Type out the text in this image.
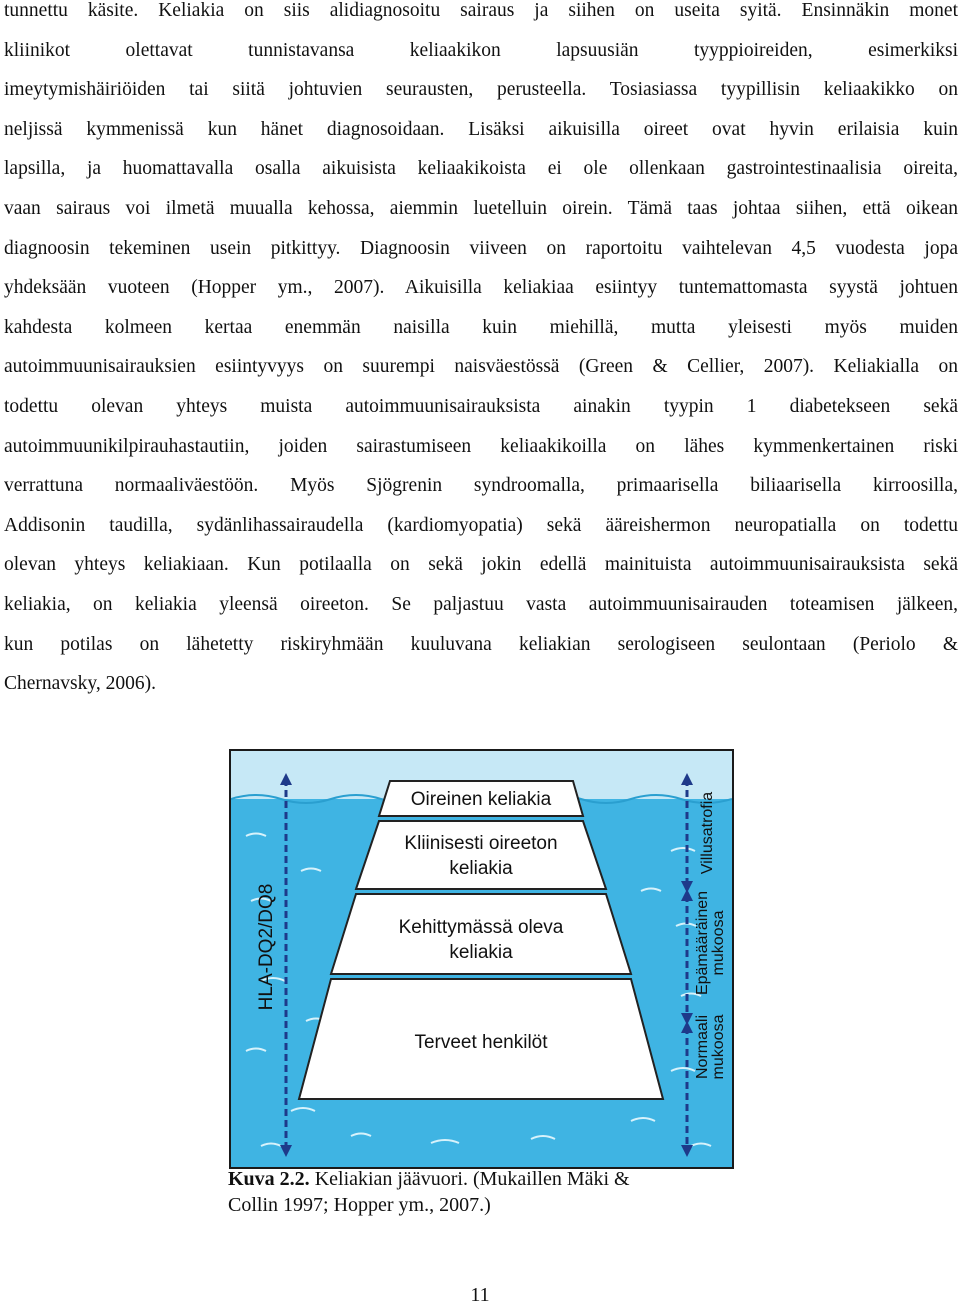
tunnettu käsite. Keliakia on siis alidiagnosoitu sairaus ja siihen on useita syitä. Ensinnäkin monet
kliinikot olettavat tunnistavansa keliaakikon lapsuusiän tyyppioireiden, esimerkiksi
imeytymishäiriöiden tai siitä johtuvien seurausten, perusteella. Tosiasiassa tyypillisin keliaakikko on
neljissä kymmenissä kun hänet diagnosoidaan. Lisäksi aikuisilla oireet ovat hyvin erilaisia kuin
lapsilla, ja huomattavalla osalla aikuisista keliaakikoista ei ole ollenkaan gastrointestinaalisia oireita,
vaan sairaus voi ilmetä muualla kehossa, aiemmin luetelluin oirein. Tämä taas johtaa siihen, että oikean
diagnoosin tekeminen usein pitkittyy. Diagnoosin viiveen on raportoitu vaihtelevan 4,5 vuodesta jopa
yhdeksään vuoteen (Hopper ym., 2007). Aikuisilla keliakiaa esiintyy tuntemattomasta syystä johtuen
kahdesta kolmeen kertaa enemmän naisilla kuin miehillä, mutta yleisesti myös muiden
autoimmuunisairauksien esiintyvyys on suurempi naisväestössä (Green & Cellier, 2007). Keliakialla on
todettu olevan yhteys muista autoimmuunisairauksista ainakin tyypin 1 diabetekseen sekä
autoimmuunikilpirauhastautiin, joiden sairastumiseen keliaakikoilla on lähes kymmenkertainen riski
verrattuna normaaliväestöön. Myös Sjögrenin syndroomalla, primaarisella biliaarisella kirroosilla,
Addisonin taudilla, sydänlihassairaudella (kardiomyopatia) sekä ääreishermon neuropatialla on todettu
olevan yhteys keliakiaan. Kun potilaalla on sekä jokin edellä mainituista autoimmuunisairauksista sekä
keliakia, on keliakia yleensä oireeton. Se paljastuu vasta autoimmuunisairauden toteamisen jälkeen,
kun potilas on lähetetty riskiryhmään kuuluvana keliakian serologiseen seulontaan (Periolo &
Chernavsky, 2006).
Oireinen keliakia
Kliinisesti oireeton
keliakia
Kehittymässä oleva
keliakia
Terveet henkilöt
HLA-DQ2/DQ8
Villusatrofia
Epämääräinen mukoosa
Normaali mukoosa
Kuva 2.2. Keliakian jäävuori. (Mukaillen Mäki &
Collin 1997; Hopper ym., 2007.)
11
